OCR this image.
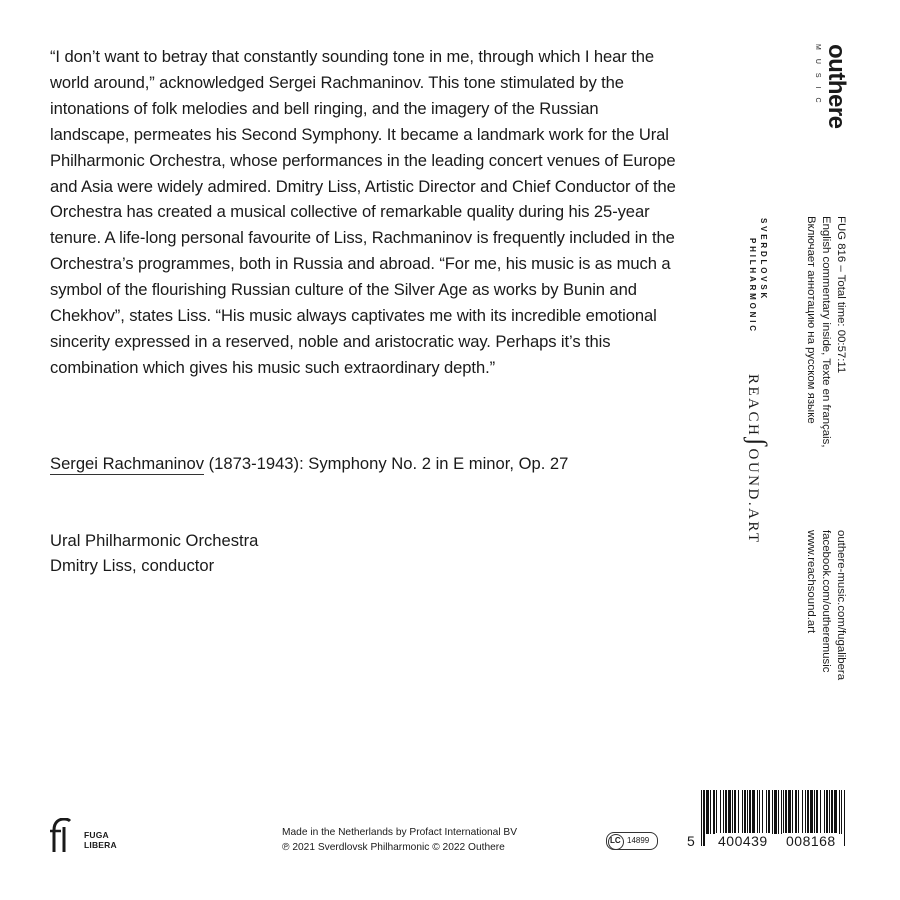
“I don’t want to betray that constantly sounding tone in me, through which I hear the world around,” acknowledged Sergei Rachmaninov. This tone stimulated by the intonations of folk melodies and bell ringing, and the imagery of the Russian landscape, permeates his Second Symphony. It became a landmark work for the Ural Philharmonic Orchestra, whose performances in the leading concert venues of Europe and Asia were widely admired. Dmitry Liss, Artistic Director and Chief Conductor of the Orchestra has created a musical collective of remarkable quality during his 25-year tenure. A life-long personal favourite of Liss, Rachmaninov is frequently included in the Orchestra’s programmes, both in Russia and abroad. “For me, his music is as much a symbol of the flourishing Russian culture of the Silver Age as works by Bunin and Chekhov”, states Liss. “His music always captivates me with its incredible emotional sincerity expressed in a reserved, noble and aristocratic way. Perhaps it’s this combination which gives his music such extraordinary depth.”

Sergei Rachmaninov (1873-1943): Symphony No. 2 in E minor, Op. 27
Ural Philharmonic Orchestra
Dmitry Liss, conductor
outhere
MUSIC
FUG 816 – Total time: 00:57:11
English commentary inside, Texte en français,
Включает аннотацию на русском языке
outhere-music.com/fugalibera
facebook.com/outheremusic
www.reachsound.art
SVERDLOVSK
PHILHARMONIC
REACHʃOUND.ART
FUGA
LIBERA
Made in the Netherlands by Profact International BV
℗ 2021 Sverdlovsk Philharmonic © 2022 Outhere
LC 14899	5 400439 008168
